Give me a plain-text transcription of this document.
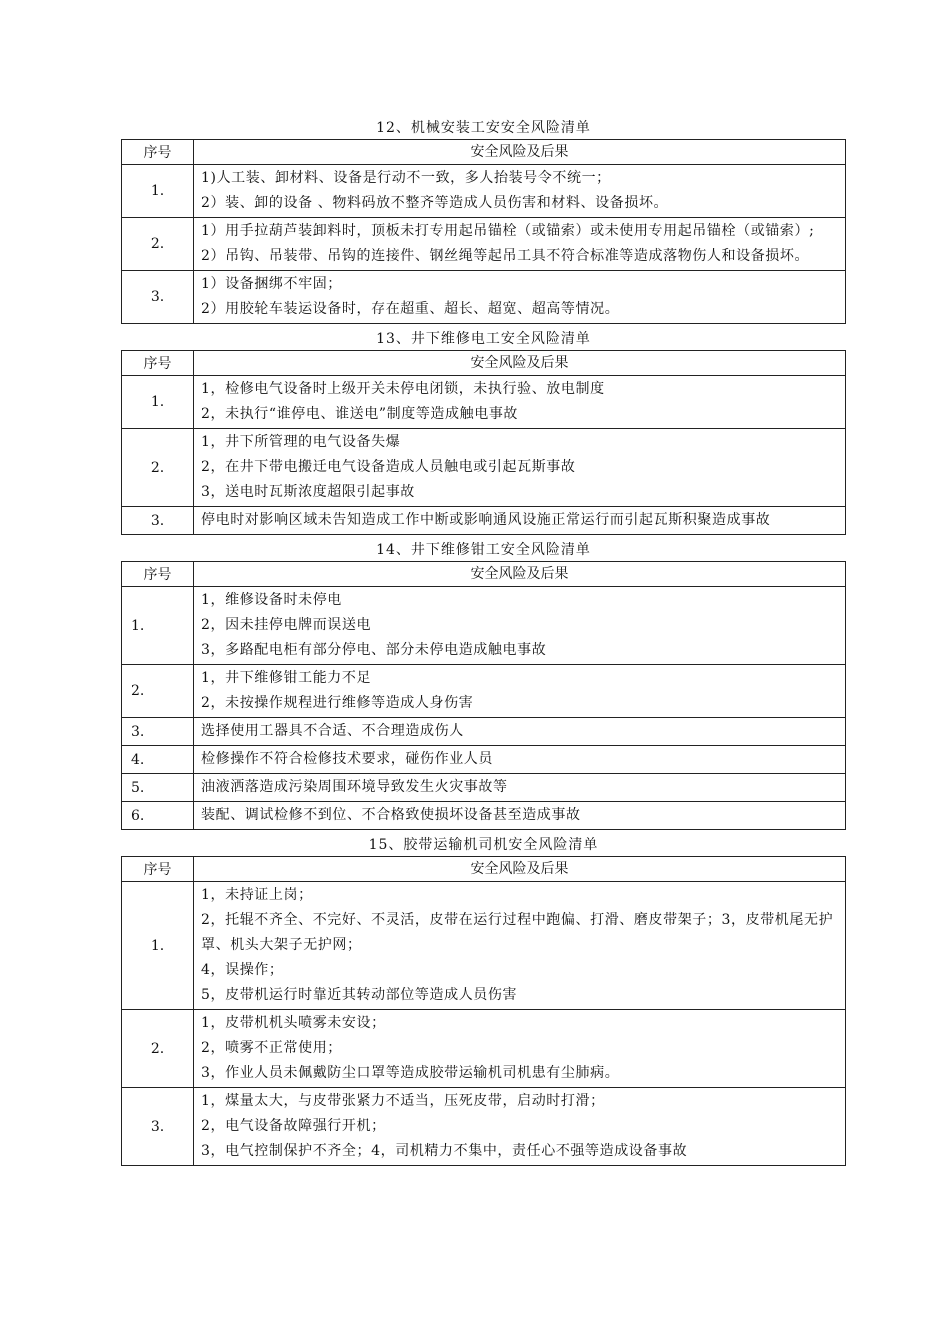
12、机械安装工安安全风险清单
序号	安全风险及后果
1.	1)人工装、卸材料、设备是行动不一致，多人抬装号令不统一；
2）装、卸的设备 、物料码放不整齐等造成人员伤害和材料、设备损坏。

2.	1）用手拉葫芦装卸料时，顶板未打专用起吊锚栓（或锚索）或未使用专用起吊锚栓（或锚索）;
2）吊钩、吊装带、吊钩的连接件、钢丝绳等起吊工具不符合标准等造成落物伤人和设备损坏。

3.	1）设备捆绑不牢固；
2）用胶轮车装运设备时，存在超重、超长、超宽、超高等情况。
13、井下维修电工安全风险清单
序号	安全风险及后果
1.	1，检修电气设备时上级开关未停电闭锁，未执行验、放电制度
2，未执行“谁停电、谁送电”制度等造成触电事故

2.	1，井下所管理的电气设备失爆
2，在井下带电搬迁电气设备造成人员触电或引起瓦斯事故
3，送电时瓦斯浓度超限引起事故

3.	停电时对影响区域未告知造成工作中断或影响通风设施正常运行而引起瓦斯积聚造成事故
14、井下维修钳工安全风险清单
序号	安全风险及后果
1.	1，维修设备时未停电
2，因未挂停电牌而误送电
3，多路配电柜有部分停电、部分未停电造成触电事故

2.	1，井下维修钳工能力不足
2，未按操作规程进行维修等造成人身伤害

3.	选择使用工器具不合适、不合理造成伤人

4.	检修操作不符合检修技术要求，碰伤作业人员

5.	油液洒落造成污染周围环境导致发生火灾事故等

6.	装配、调试检修不到位、不合格致使损坏设备甚至造成事故
15、胶带运输机司机安全风险清单
序号	安全风险及后果
1.	1，未持证上岗；
2，托辊不齐全、不完好、不灵活，皮带在运行过程中跑偏、打滑、磨皮带架子；3，皮带机尾无护罩、机头大架子无护网；
4，误操作；
5，皮带机运行时靠近其转动部位等造成人员伤害

2.	1，皮带机机头喷雾未安设；
2，喷雾不正常使用；
3，作业人员未佩戴防尘口罩等造成胶带运输机司机患有尘肺病。

3.	1，煤量太大，与皮带张紧力不适当，压死皮带，启动时打滑；
2，电气设备故障强行开机；
3，电气控制保护不齐全；4，司机精力不集中，责任心不强等造成设备事故
